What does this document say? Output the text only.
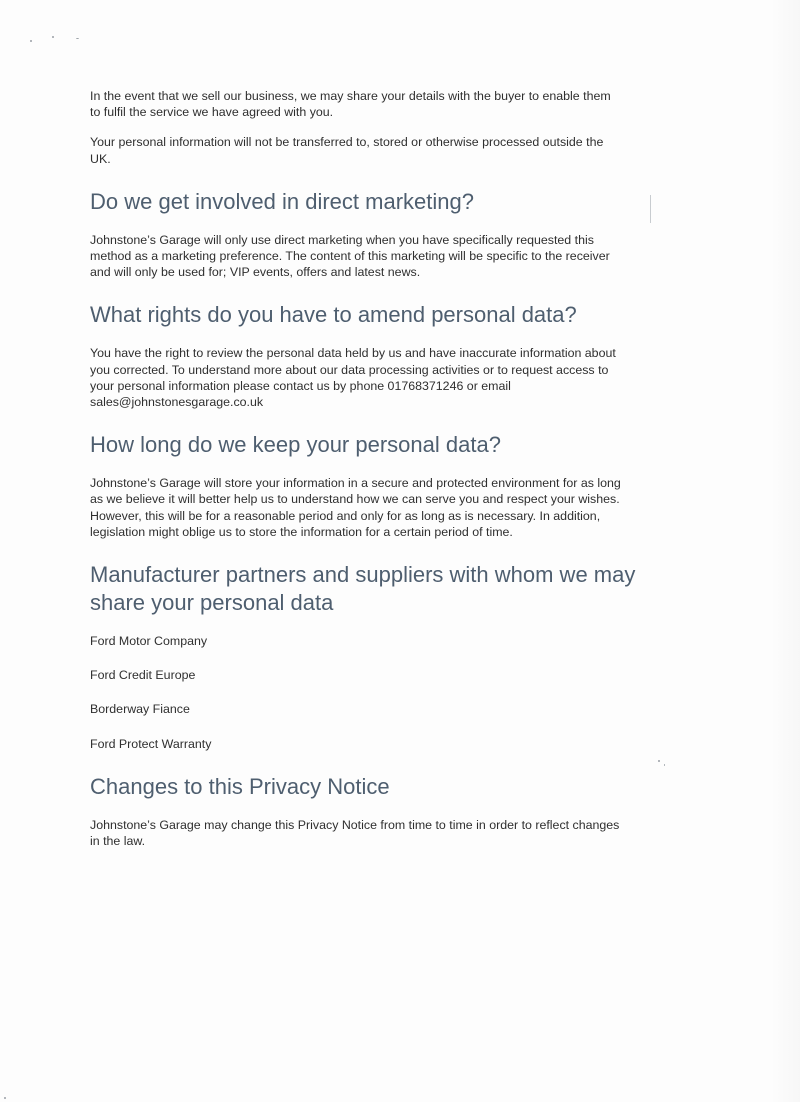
In the event that we sell our business, we may share your details with the buyer to enable them
to fulfil the service we have agreed with you.

Your personal information will not be transferred to, stored or otherwise processed outside the
UK.

Do we get involved in direct marketing?

Johnstone’s Garage will only use direct marketing when you have specifically requested this
method as a marketing preference. The content of this marketing will be specific to the receiver
and will only be used for; VIP events, offers and latest news.

What rights do you have to amend personal data?

You have the right to review the personal data held by us and have inaccurate information about
you corrected. To understand more about our data processing activities or to request access to
your personal information please contact us by phone 01768371246 or email
sales@johnstonesgarage.co.uk

How long do we keep your personal data?

Johnstone’s Garage will store your information in a secure and protected environment for as long
as we believe it will better help us to understand how we can serve you and respect your wishes.
However, this will be for a reasonable period and only for as long as is necessary. In addition,
legislation might oblige us to store the information for a certain period of time.

Manufacturer partners and suppliers with whom we may
share your personal data

Ford Motor Company

Ford Credit Europe

Borderway Fiance

Ford Protect Warranty

Changes to this Privacy Notice

Johnstone’s Garage may change this Privacy Notice from time to time in order to reflect changes
in the law.
